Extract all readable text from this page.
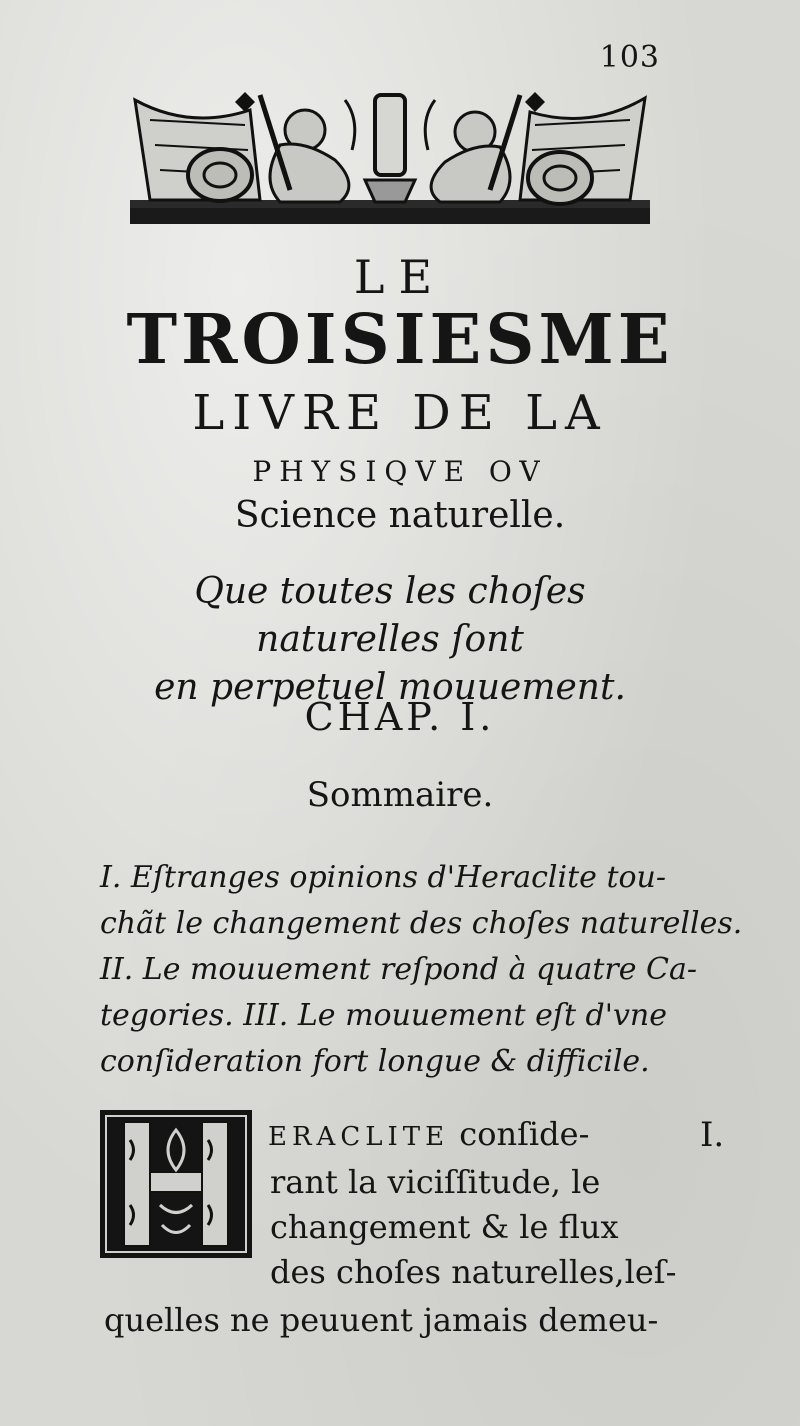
103
LE
TROISIESME
LIVRE DE LA
PHYSIQVE OV
Science naturelle.
Que toutes les choſes naturelles ſont
en perpetuel mouuement.
CHAP. I.
Sommaire.
I. Eſtranges opinions d'Heraclite tou-
chãt le changement des choſes naturelles.
II. Le mouuement reſpond à quatre Ca-
tegories. III. Le mouuement eſt d'vne
conſideration fort longue & difficile.
ERACLITE conſide-
rant la viciſſitude, le
changement & le flux
des choſes naturelles,leſ-
quelles ne peuuent jamais demeu-
I.
